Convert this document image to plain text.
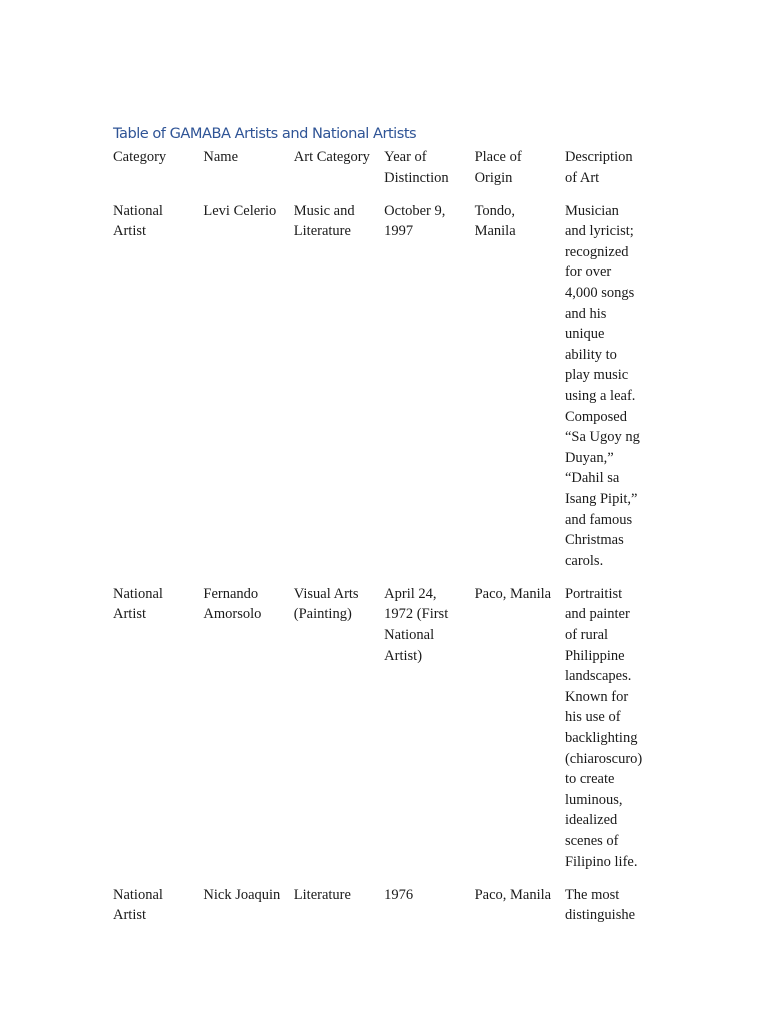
Table of GAMABA Artists and National Artists
Category	Name	Art Category	Year of Distinction	Place of Origin	Description of Art

National Artist	Levi Celerio	Music and Literature	October 9, 1997	Tondo, Manila	Musician and lyricist; recognized for over 4,000 songs and his unique ability to play music using a leaf. Composed “Sa Ugoy ng Duyan,” “Dahil sa Isang Pipit,” and famous Christmas carols.

National Artist	Fernando Amorsolo	Visual Arts (Painting)	April 24, 1972 (First National Artist)	Paco, Manila	Portraitist and painter of rural Philippine landscapes. Known for his use of backlighting (chiaroscuro) to create luminous, idealized scenes of Filipino life.

National Artist	Nick Joaquin	Literature	1976	Paco, Manila	The most distinguishe
